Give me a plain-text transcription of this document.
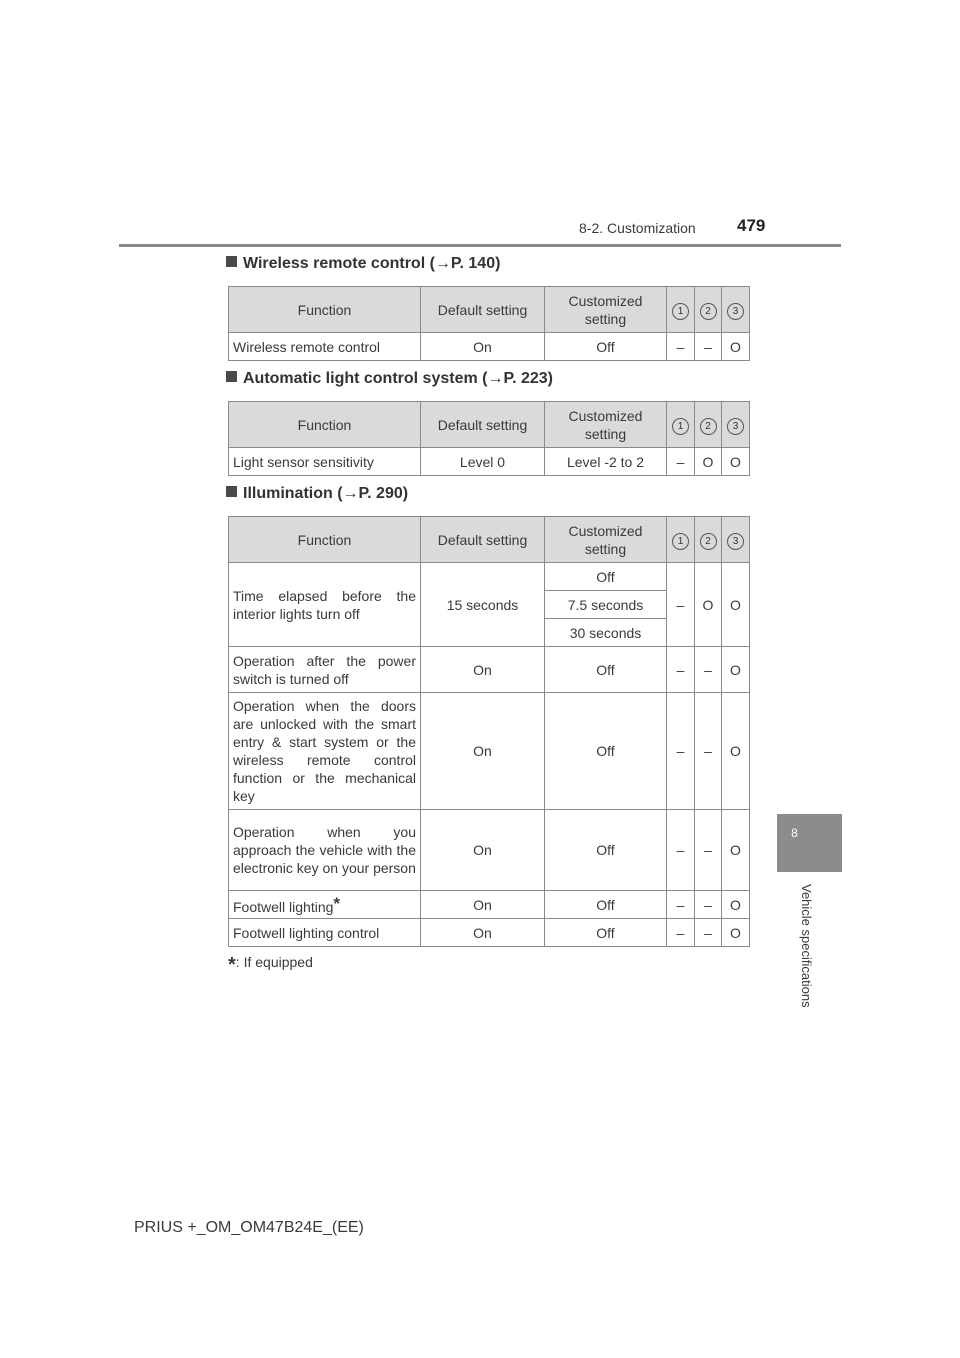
8-2. Customization 479
8
Vehicle specifications
Wireless remote control (→P. 140)
Function	Default setting	Customized setting	1	2	3
Wireless remote control	On	Off	–	–	O
Automatic light control system (→P. 223)
Function	Default setting	Customized setting	1	2	3
Light sensor sensitivity	Level 0	Level -2 to 2	–	O	O
Illumination (→P. 290)
Function	Default setting	Customized setting	1	2	3
Time elapsed before the interior lights turn off	15 seconds	Off	–	O	O
		7.5 seconds			
		30 seconds			
Operation after the power switch is turned off	On	Off	–	–	O
Operation when the doors are unlocked with the smart entry & start system or the wireless remote control function or the mechanical key	On	Off	–	–	O
Operation when you approach the vehicle with the electronic key on your person	On	Off	–	–	O
Footwell lighting*	On	Off	–	–	O
Footwell lighting control	On	Off	–	–	O
*: If equipped
PRIUS +_OM_OM47B24E_(EE)
